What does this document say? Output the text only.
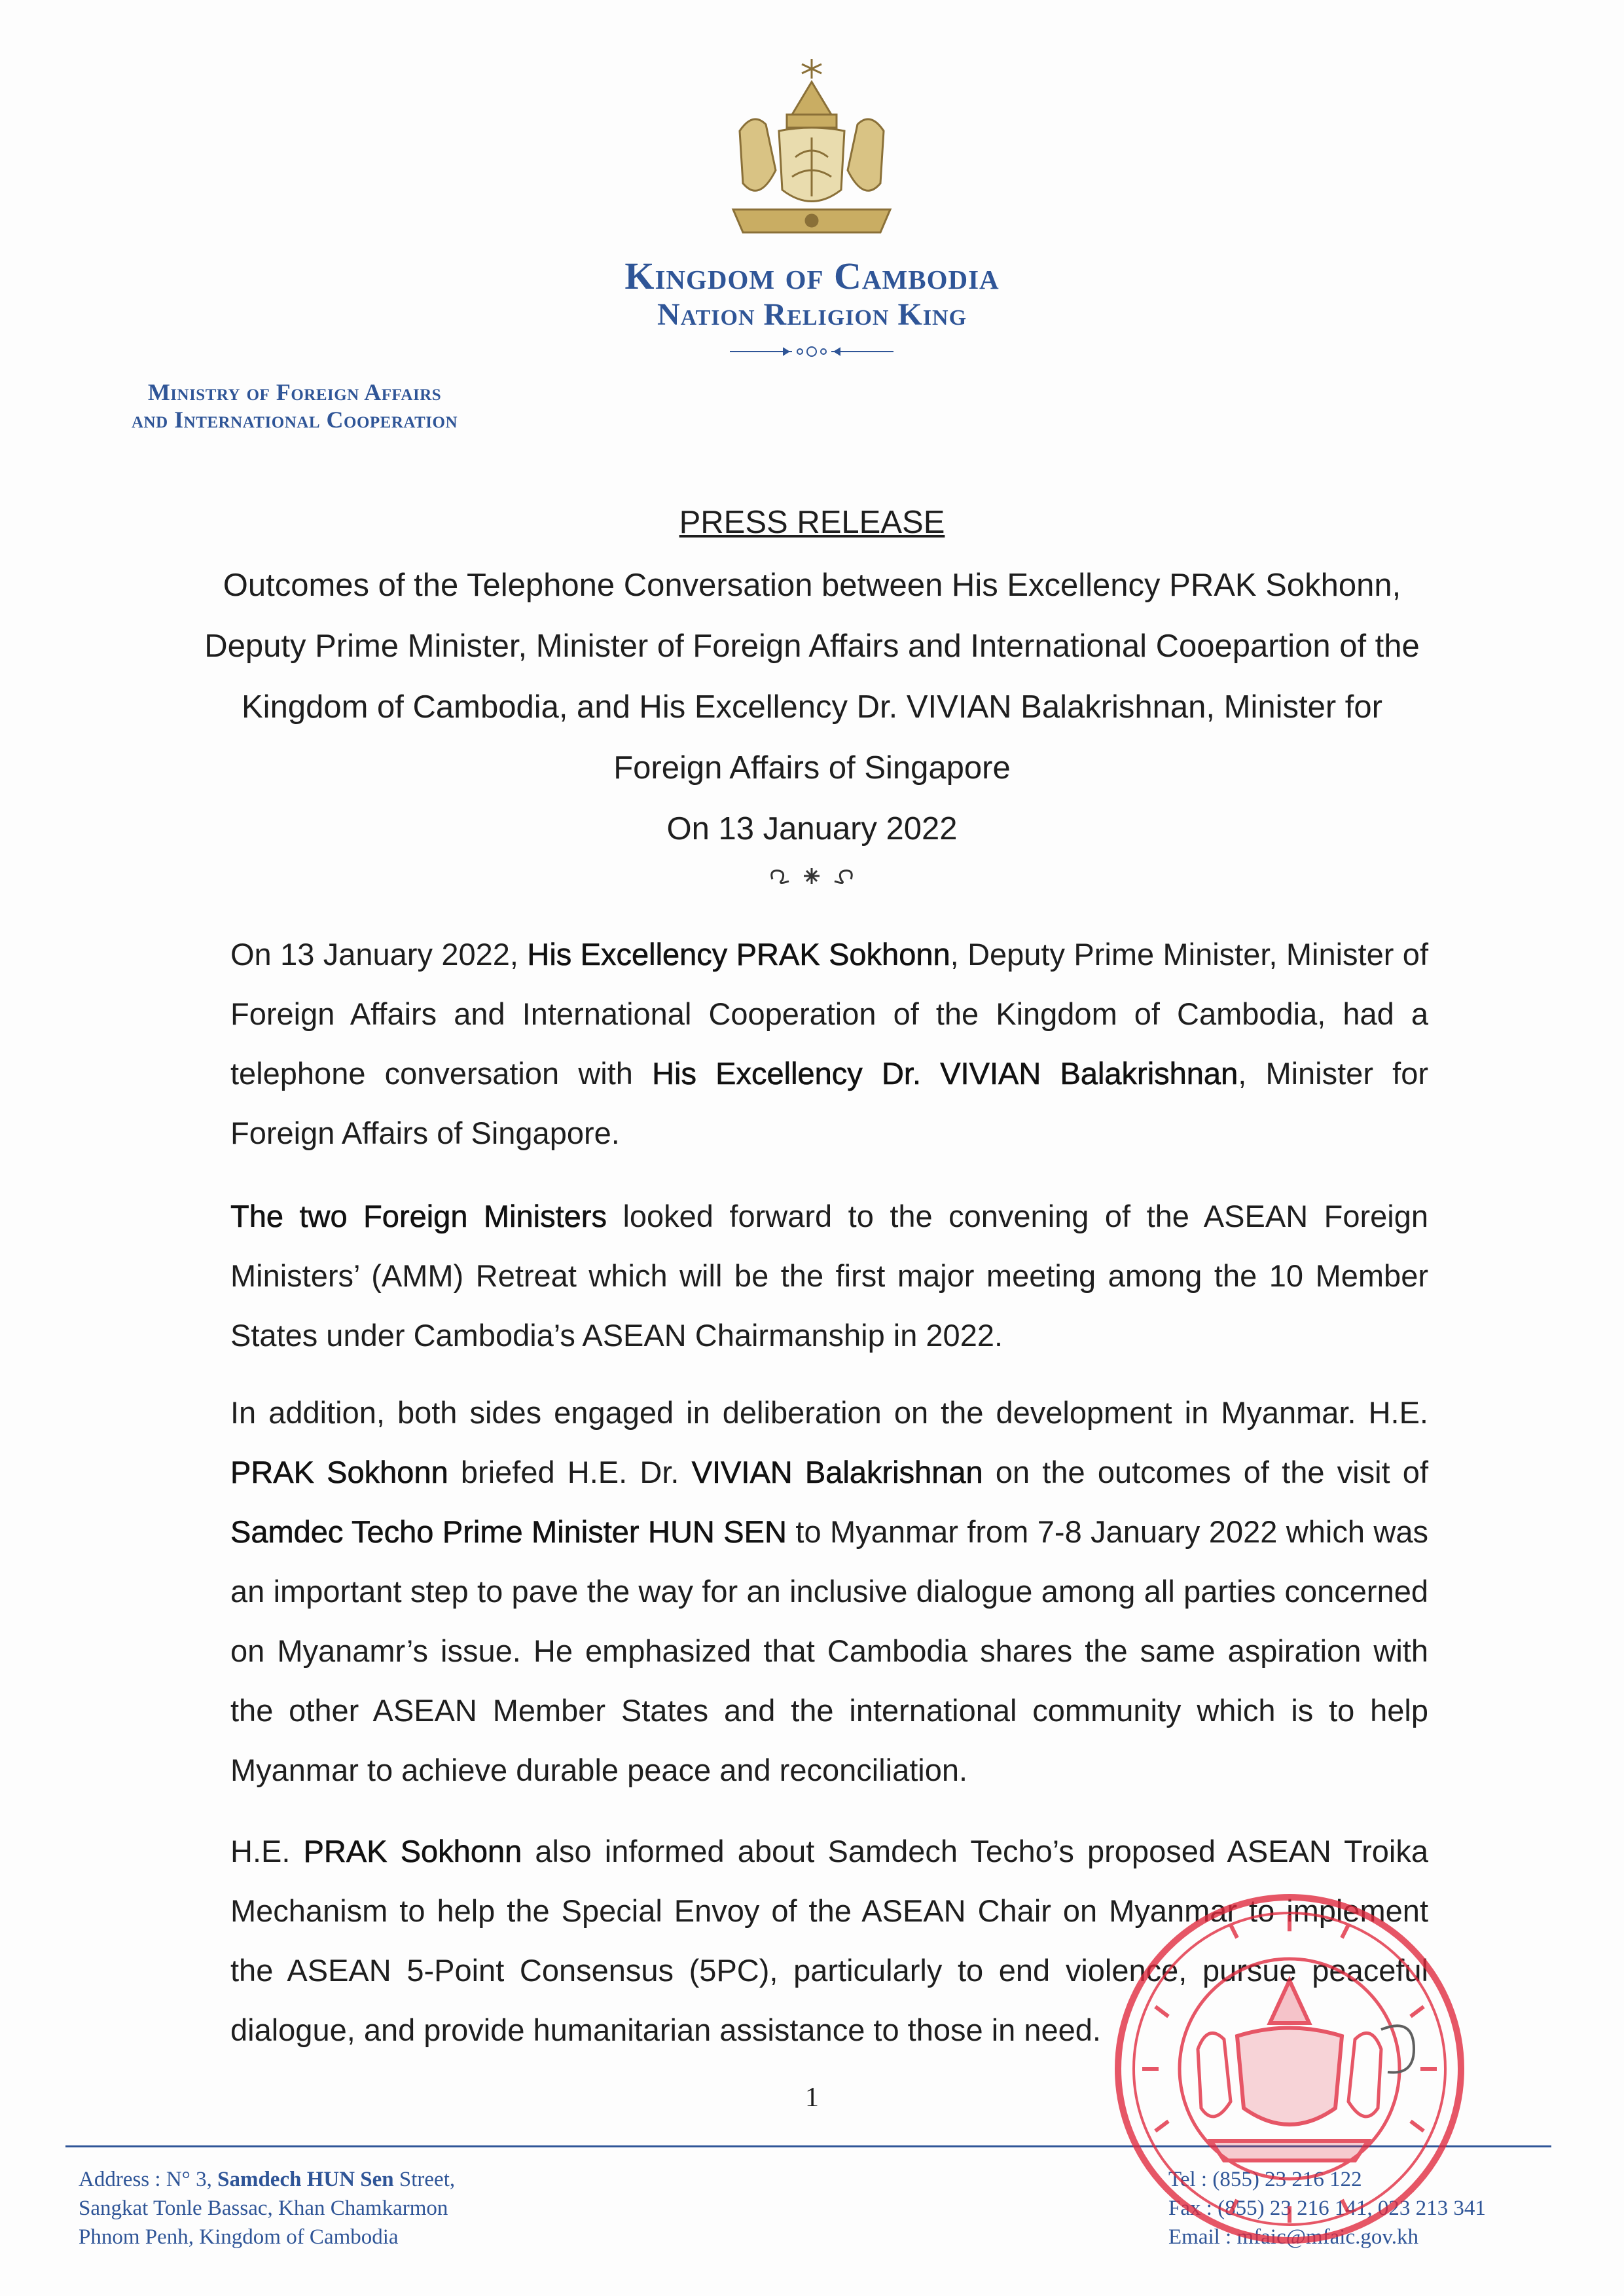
Kingdom of Cambodia
Nation Religion King
Ministry of Foreign Affairs
and International Cooperation
PRESS RELEASE
Outcomes of the Telephone Conversation between His Excellency PRAK Sokhonn,
Deputy Prime Minister, Minister of Foreign Affairs and International Cooepartion of the
Kingdom of Cambodia, and His Excellency Dr. VIVIAN Balakrishnan, Minister for
Foreign Affairs of Singapore
On 13 January 2022

On 13 January 2022, His Excellency PRAK Sokhonn, Deputy Prime Minister, Minister of Foreign Affairs and International Cooperation of the Kingdom of Cambodia, had a telephone conversation with His Excellency Dr. VIVIAN Balakrishnan, Minister for Foreign Affairs of Singapore.

The two Foreign Ministers looked forward to the convening of the ASEAN Foreign Ministers’ (AMM) Retreat which will be the first major meeting among the 10 Member States under Cambodia’s ASEAN Chairmanship in 2022.

In addition, both sides engaged in deliberation on the development in Myanmar. H.E. PRAK Sokhonn briefed H.E. Dr. VIVIAN Balakrishnan on the outcomes of the visit of Samdec Techo Prime Minister HUN SEN to Myanmar from 7-8 January 2022 which was an important step to pave the way for an inclusive dialogue among all parties concerned on Myanamr’s issue. He emphasized that Cambodia shares the same aspiration with the other ASEAN Member States and the international community which is to help Myanmar to achieve durable peace and reconciliation.

H.E. PRAK Sokhonn also informed about Samdech Techo’s proposed ASEAN Troika Mechanism to help the Special Envoy of the ASEAN Chair on Myanmar to implement the ASEAN 5-Point Consensus (5PC), particularly to end violence, pursue peaceful dialogue, and provide humanitarian assistance to those in need.

1
Address : N° 3, Samdech HUN Sen Street,
Sangkat Tonle Bassac, Khan Chamkarmon
Phnom Penh, Kingdom of Cambodia
Tel : (855) 23 216 122
Fax : (855) 23 216 141, 023 213 341
Email : mfaic@mfaic.gov.kh
